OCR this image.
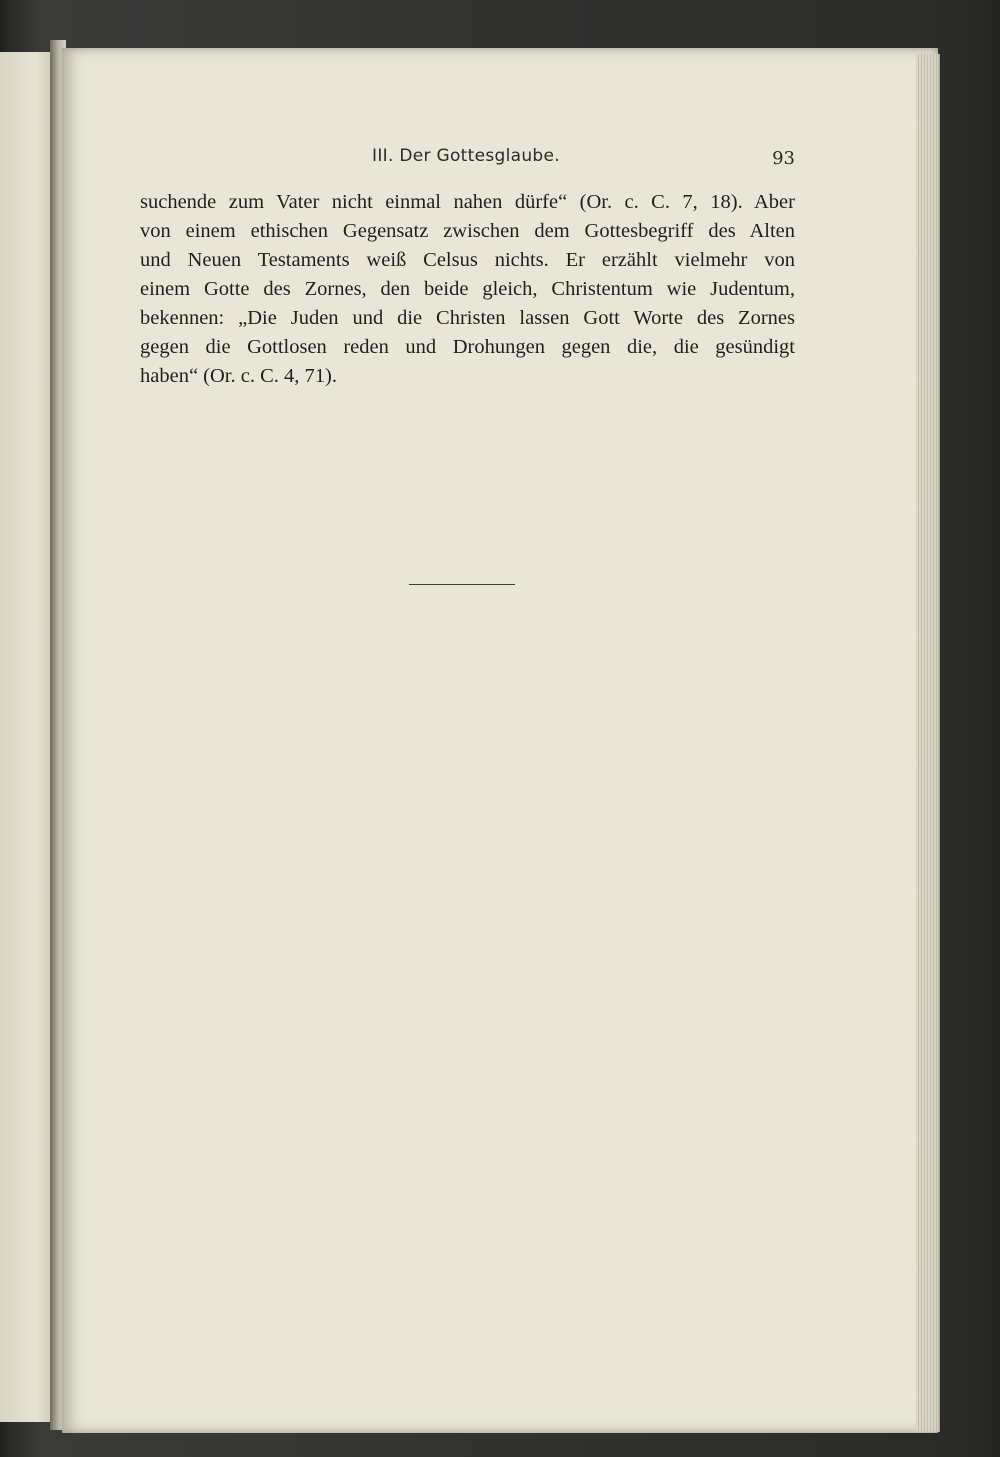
III. Der Gottesglaube.	93

suchende zum Vater nicht einmal nahen dürfe“ (Or. c. C. 7, 18). Aber
von einem ethischen Gegensatz zwischen dem Gottesbegriff des Alten
und Neuen Testaments weiß Celsus nichts. Er erzählt vielmehr von
einem Gotte des Zornes, den beide gleich, Christentum wie Judentum,
bekennen: „Die Juden und die Christen lassen Gott Worte des Zornes
gegen die Gottlosen reden und Drohungen gegen die, die gesündigt
haben“ (Or. c. C. 4, 71).
